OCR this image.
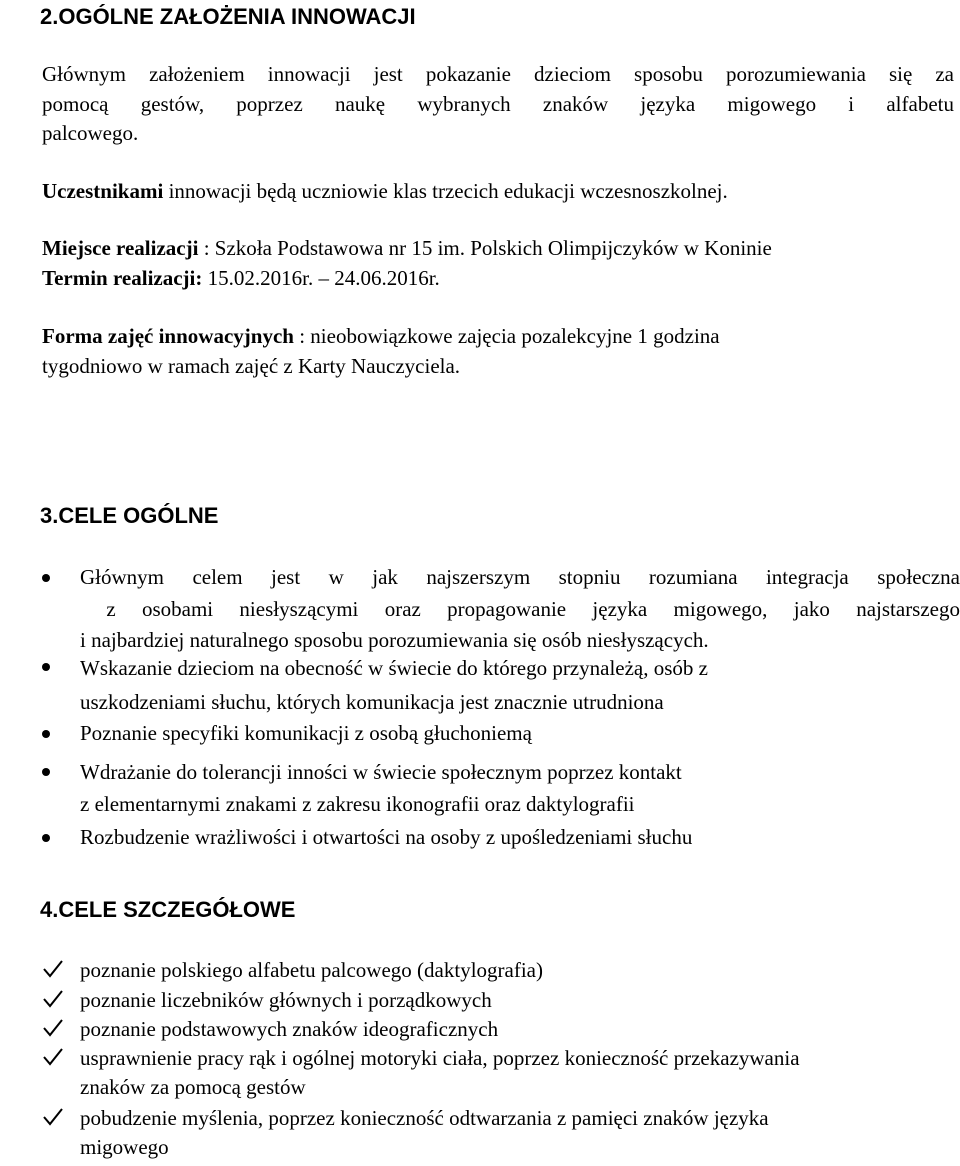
2.OGÓLNE ZAŁOŻENIA INNOWACJI
Głównym założeniem innowacji jest pokazanie dzieciom sposobu porozumiewania się za
pomocą gestów, poprzez naukę wybranych znaków języka migowego i alfabetu
palcowego.
Uczestnikami innowacji będą uczniowie klas trzecich edukacji wczesnoszkolnej.
Miejsce realizacji : Szkoła Podstawowa nr 15 im. Polskich Olimpijczyków w Koninie
Termin realizacji: 15.02.2016r. – 24.06.2016r.
Forma zajęć innowacyjnych : nieobowiązkowe zajęcia pozalekcyjne 1 godzina
tygodniowo w ramach zajęć z Karty Nauczyciela.
3.CELE OGÓLNE
Głównym celem jest w jak najszerszym stopniu rozumiana integracja społeczna
z osobami niesłyszącymi oraz propagowanie języka migowego, jako najstarszego
i najbardziej naturalnego sposobu porozumiewania się osób niesłyszących.
Wskazanie dzieciom na obecność w świecie do którego przynależą, osób z
uszkodzeniami słuchu, których komunikacja jest znacznie utrudniona
Poznanie specyfiki komunikacji z osobą głuchoniemą
Wdrażanie do tolerancji inności w świecie społecznym poprzez kontakt
z elementarnymi znakami z zakresu ikonografii oraz daktylografii
Rozbudzenie wrażliwości i otwartości na osoby z upośledzeniami słuchu
4.CELE SZCZEGÓŁOWE
poznanie polskiego alfabetu palcowego (daktylografia)
poznanie liczebników głównych i porządkowych
poznanie podstawowych znaków ideograficznych
usprawnienie pracy rąk i ogólnej motoryki ciała, poprzez konieczność przekazywania
znaków za pomocą gestów
pobudzenie myślenia, poprzez konieczność odtwarzania z pamięci znaków języka
migowego
